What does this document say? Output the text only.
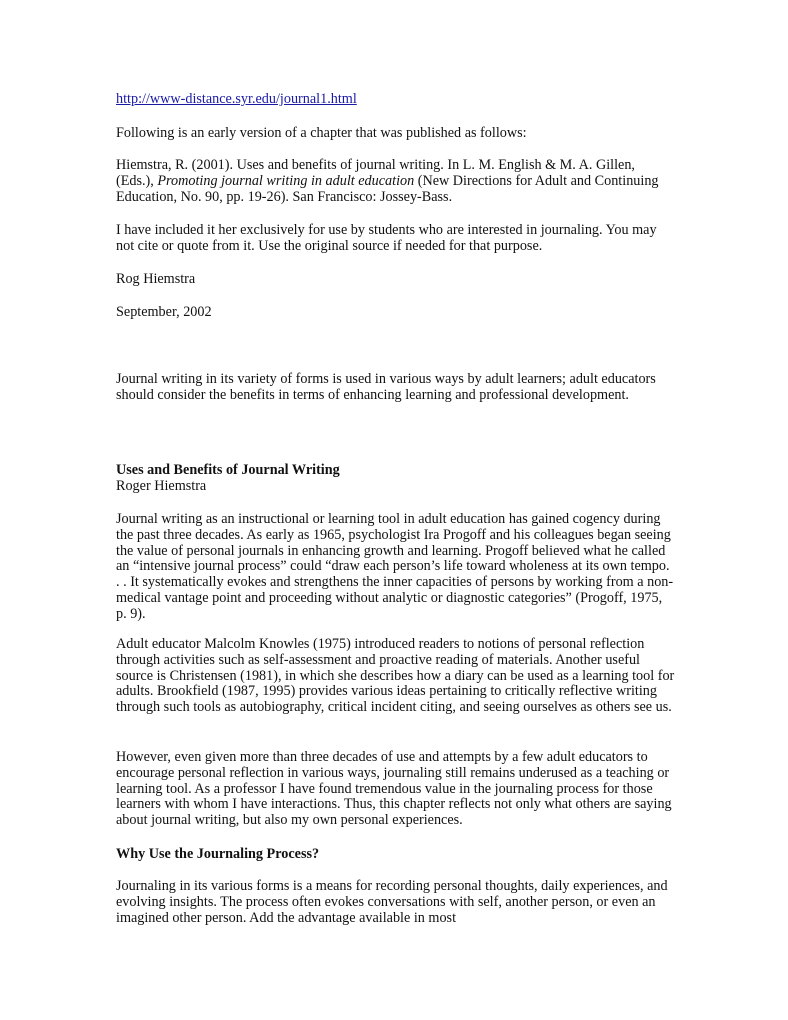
http://www-distance.syr.edu/journal1.html

Following is an early version of a chapter that was published as follows:

Hiemstra, R. (2001). Uses and benefits of journal writing. In L. M. English & M. A. Gillen, (Eds.), Promoting journal writing in adult education (New Directions for Adult and Continuing Education, No. 90, pp. 19-26). San Francisco: Jossey-Bass.

I have included it her exclusively for use by students who are interested in journaling. You may not cite or quote from it. Use the original source if needed for that purpose.

Rog Hiemstra

September, 2002

Journal writing in its variety of forms is used in various ways by adult learners; adult educators should consider the benefits in terms of enhancing learning and professional development.

Uses and Benefits of Journal Writing

Roger Hiemstra

Journal writing as an instructional or learning tool in adult education has gained cogency during the past three decades. As early as 1965, psychologist Ira Progoff and his colleagues began seeing the value of personal journals in enhancing growth and learning. Progoff believed what he called an “intensive journal process” could “draw each person’s life toward wholeness at its own tempo. . . It systematically evokes and strengthens the inner capacities of persons by working from a non-medical vantage point and proceeding without analytic or diagnostic categories” (Progoff, 1975, p. 9).

Adult educator Malcolm Knowles (1975) introduced readers to notions of personal reflection through activities such as self-assessment and proactive reading of materials. Another useful source is Christensen (1981), in which she describes how a diary can be used as a learning tool for adults. Brookfield (1987, 1995) provides various ideas pertaining to critically reflective writing through such tools as autobiography, critical incident citing, and seeing ourselves as others see us.

However, even given more than three decades of use and attempts by a few adult educators to encourage personal reflection in various ways, journaling still remains underused as a teaching or learning tool. As a professor I have found tremendous value in the journaling process for those learners with whom I have interactions. Thus, this chapter reflects not only what others are saying about journal writing, but also my own personal experiences.

Why Use the Journaling Process?

Journaling in its various forms is a means for recording personal thoughts, daily experiences, and evolving insights. The process often evokes conversations with self, another person, or even an imagined other person. Add the advantage available in most
